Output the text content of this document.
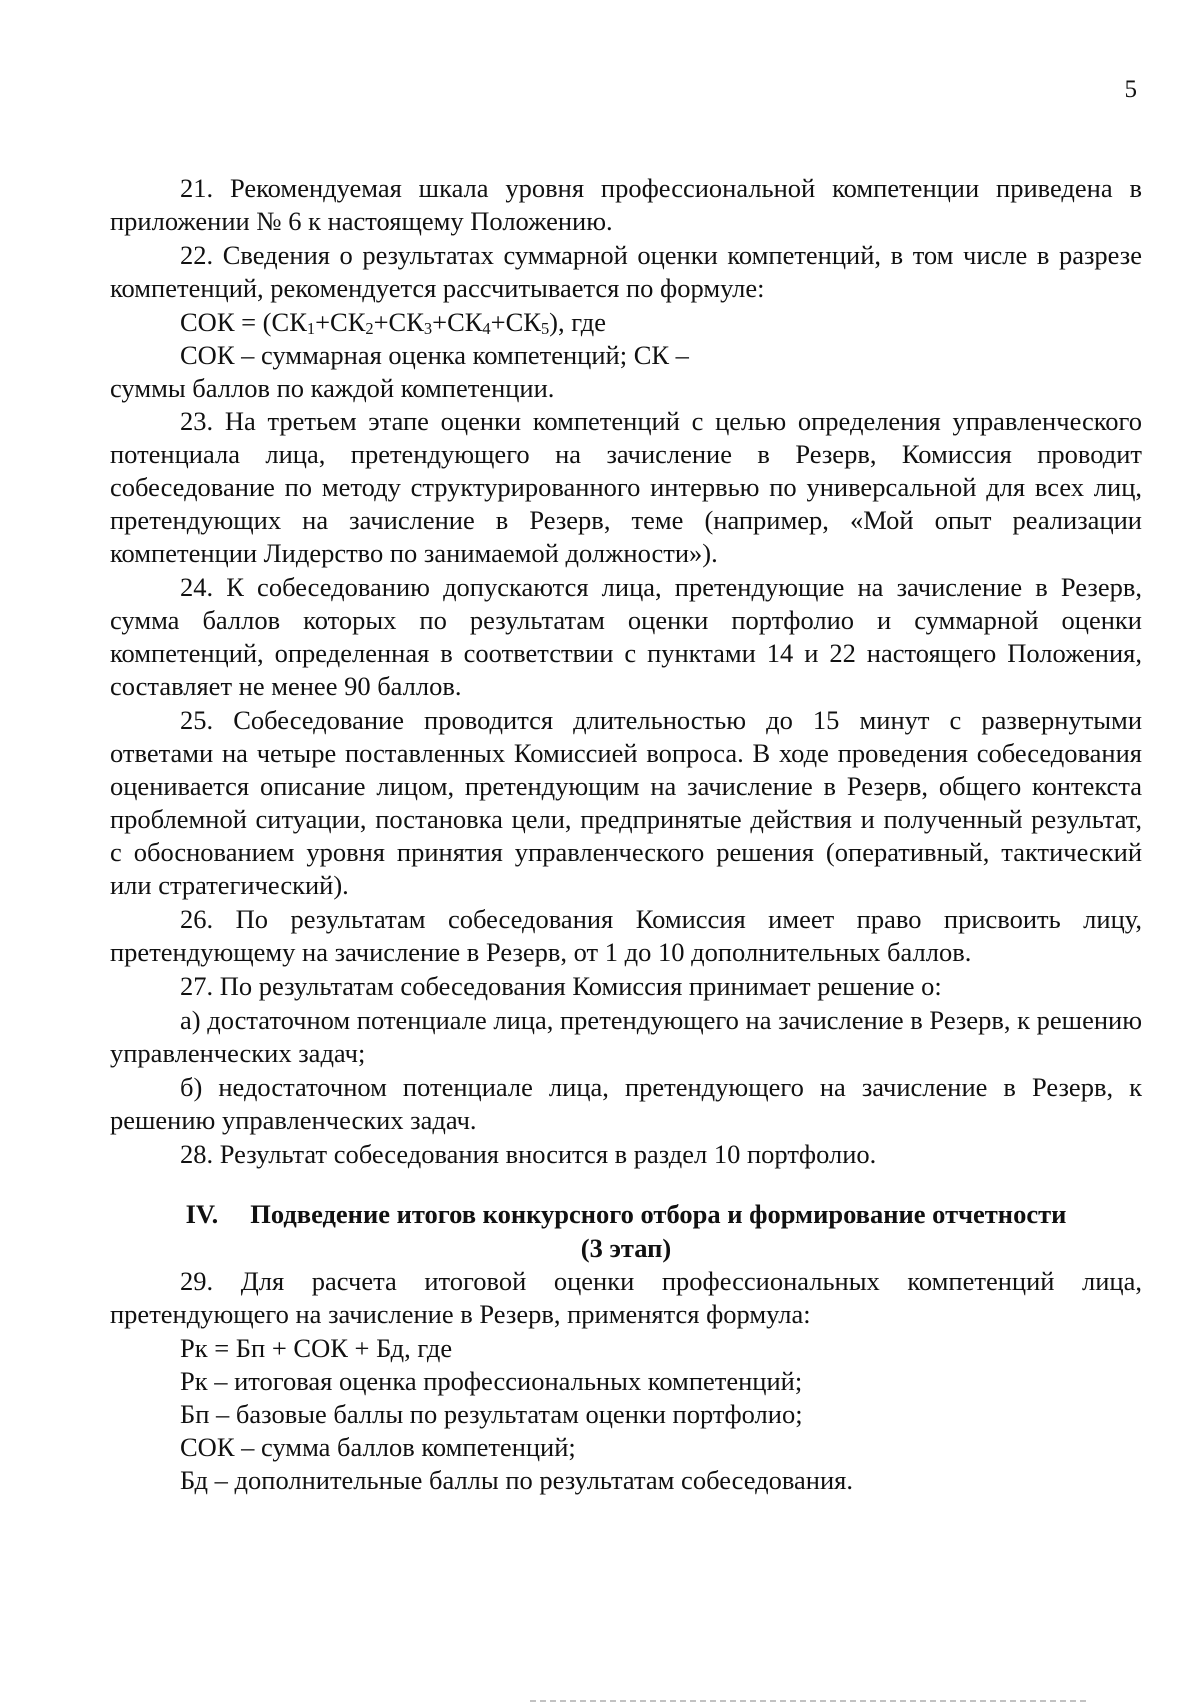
5

21. Рекомендуемая шкала уровня профессиональной компетенции приведена в приложении № 6 к настоящему Положению.

22. Сведения о результатах суммарной оценки компетенций, в том числе в разрезе компетенций, рекомендуется рассчитывается по формуле:

СОК = $(СК_1+СК_2+СК_3+СК_4+СК_5)$, где

СОК – суммарная оценка компетенций; СК –

суммы баллов по каждой компетенции.

23. На третьем этапе оценки компетенций с целью определения управленческого потенциала лица, претендующего на зачисление в Резерв, Комиссия проводит собеседование по методу структурированного интервью по универсальной для всех лиц, претендующих на зачисление в Резерв, теме (например, «Мой опыт реализации компетенции Лидерство по занимаемой должности»).

24. К собеседованию допускаются лица, претендующие на зачисление в Резерв, сумма баллов которых по результатам оценки портфолио и суммарной оценки компетенций, определенная в соответствии с пунктами 14 и 22 настоящего Положения, составляет не менее 90 баллов.

25. Собеседование проводится длительностью до 15 минут с развернутыми ответами на четыре поставленных Комиссией вопроса. В ходе проведения собеседования оценивается описание лицом, претендующим на зачисление в Резерв, общего контекста проблемной ситуации, постановка цели, предпринятые действия и полученный результат, с обоснованием уровня принятия управленческого решения (оперативный, тактический или стратегический).

26. По результатам собеседования Комиссия имеет право присвоить лицу, претендующему на зачисление в Резерв, от 1 до 10 дополнительных баллов.

27. По результатам собеседования Комиссия принимает решение о:

а) достаточном потенциале лица, претендующего на зачисление в Резерв, к решению управленческих задач;

б) недостаточном потенциале лица, претендующего на зачисление в Резерв, к решению управленческих задач.

28. Результат собеседования вносится в раздел 10 портфолио.

IV. Подведение итогов конкурсного отбора и формирование отчетности
(3 этап)

29. Для расчета итоговой оценки профессиональных компетенций лица, претендующего на зачисление в Резерв, применятся формула:

Рк = Бп + СОК + Бд, где

Рк – итоговая оценка профессиональных компетенций;

Бп – базовые баллы по результатам оценки портфолио;

СОК – сумма баллов компетенций;

Бд – дополнительные баллы по результатам собеседования.
